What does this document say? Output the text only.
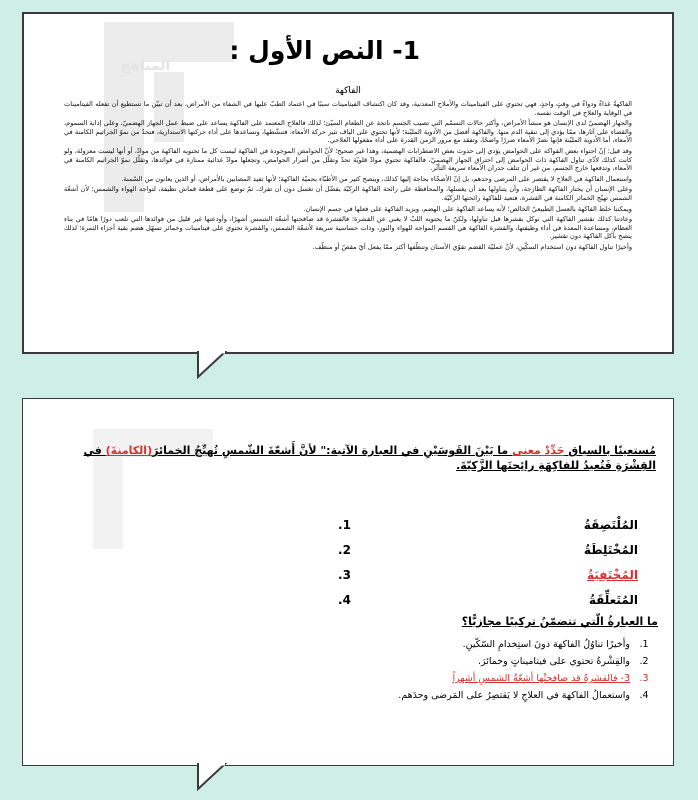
المناهج
1- النص الأول :
الفاكهة

الفاكهةُ غذاءٌ ودواءٌ في وقتٍ واحدٍ، فهي تحتوي على الفيتامينات والأملاح المعدنية، وقد كان اكتشاف الفيتامينات سببًا في اعتماد الطبّ عليها في الشفاء من الأمراض، بعد أن تبيّن ما تستطيع أن تفعله الفيتامينات في الوقاية والعلاج في الوقت نفسه.

والجهاز الهضميّ لدى الإنسان هو منشأ الأمراض، وأكثر حالات التسمّم التي تصيب الجسم ناتجة عن الطعام السيّئ؛ لذلك فالعلاج المعتمد على الفاكهة يساعد على ضبط عمل الجهاز الهضميّ، وعلى إذابة السموم، والقضاء على آثارها، ممّا يؤدي إلى تنقية الدم منها. والفاكهة أفضل من الأدوية المليّنة؛ لأنها تحتوي على الياف تثير حركة الأمعاء، فتنشّطها، وتساعدها على أداء حركتها الاستدارية، فتحدّ من نموّ الجراثيم الكامنة في الأمعاء، أما الأدوية المليّنة فإنها تضرّ الأمعاء ضررًا واضحًا، وتفقد مع مرور الزمن القدرة على أداء مفعولها العلاجي.

وقد قيل: إنّ احتواء بعض الفواكه على الحوامض يؤدي إلى حدوث بعض الاضطرابات الهضمية، وهذا غير صحيح؛ لأنّ الحوامض الموجودة في الفاكهة ليست كل ما تحتويه الفاكهة من موادّ، أو أنها ليست معزولة، ولو كانت كذلك لأدّى تناول الفاكهة ذات الحوامض إلى احتراق الجهاز الهضميّ، فالفاكهة تحتوي موادّ قلويّة تحدّ وتقلّل من أضرار الحوامض، وتجعلها موادّ غذائية ممتازة في فوائدها، وتقلّل نموّ الجراثيم الكامنة في الأمعاء، وتدفعها خارج الجسم، من غير أن تتلف جدران الأمعاء سريعة التأثّر.

واستعمال الفاكهة في العلاج لا يقتصر على المرضى وحدهم، بل إنّ الأصحّاء بحاجة إليها كذلك، وينصح كثير من الأطبّاء بحميّة الفاكهة؛ لأنها تفيد المصابين بالأمراض، أو الذين يعانون من السّمنة.

وعلى الإنسان أن يختار الفاكهة الطازجة، وأن يتناولها بعد أن يغسلها، والمحافظة على رائحة الفاكهة الزكيّة يفضّل أن تغسل دون أن تفرك، ثمّ توضع على قطعة قماش نظيفة، لتواجه الهواء والشمس؛ لأن أشعّة الشمس تهيّج الخمائر الكامنة في القشرة، فتعيد للفاكهة رائحتها الزكيّة.

ويمكننا خلط الفاكهة بالعسل الطبيعيّ الخالص؛ لأنه يساعد الفاكهة على الهضم، ويزيد الفاكهة على فعلها في جسم الإنسان.

وعادتنا كذلك تقشير الفاكهة التي نوكل بقشرها قبل تناولها، ولكنّ ما يحتويه اللبّ لا يغني عن القشرة؛ فالقشرة قد صافحتها أشعّة الشمس أشهرًا، وأودعتها غير قليل من فوائدها التي تلعب دورًا هامًا في بناء العظام، ومساعدة المعدة في أداء وظيفتها، والقشرة الفاكهة هي القسم المواجه للهواء والنور، وذات حساسية سريعة لأشعّة الشمس، والقشرة تحتوي على فيتامينات وخمائر تسهّل هضم بقية أجزاء الثمرة؛ لذلك ينصح بأكل الفاكهة دون تقشير.

وأخيرًا تناول الفاكهة دون استخدام السكّين، لأنّ عمليّة القضم تقوّي الأسنان وتنظّفها أكثر ممّا يفعل أيّ مقصّ أو منظّف.

مُستعينًا بالسياق حَدِّدْ معنى ما بَيْنَ القَوسَيْنِ في العبارة الآتية:" لأنَّ أَشعّةَ الشّمسِ تُهيِّجُ الخمائرَ(الكامنةَ) في القِشْرَةِ فَتُعيدُ للفاكِهَةِ رائِحتَها الزَّكيّةَ.
1.	المُلْتَصِقَةُ
2.	المُخْتَلِطَةُ
3.	المُخْتَفِيَةُ
4.	المُتَعلِّقَةُ
ما العبارةُ الّتي تتضمّنُ تركيبًا مجازيًّا؟
1.
وأخيرًا تناوُلُ الفاكهة دونَ استِخدامِ السّكّينِ.
2.
والقِشْرةُ تحتوي على فيتاميناتٍ وخمائرَ.
3.
3- فالقشرةُ قد صافحتْها أشعّةُ الشمسِ أشهراً
4.
واستعمالُ الفاكهة في العلاجِ لا يَقتصِرُ على المَرضى وحدَهم.
